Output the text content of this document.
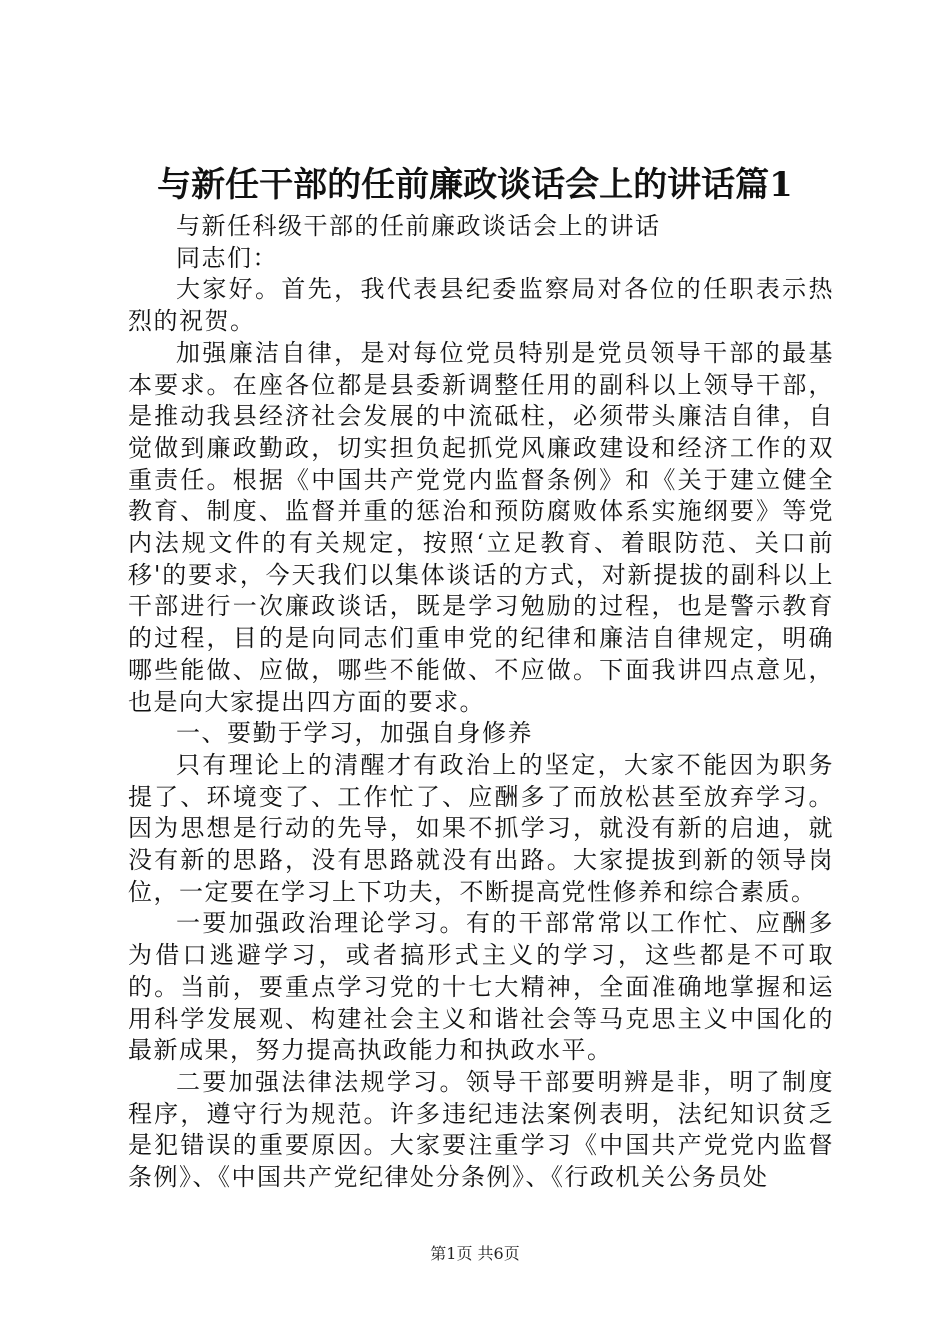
与新任干部的任前廉政谈话会上的讲话篇1

与新任科级干部的任前廉政谈话会上的讲话

同志们：

大家好。首先，我代表县纪委监察局对各位的任职表示热烈的祝贺。

加强廉洁自律，是对每位党员特别是党员领导干部的最基本要求。在座各位都是县委新调整任用的副科以上领导干部，是推动我县经济社会发展的中流砥柱，必须带头廉洁自律，自觉做到廉政勤政，切实担负起抓党风廉政建设和经济工作的双重责任。根据《中国共产党党内监督条例》和《关于建立健全教育、制度、监督并重的惩治和预防腐败体系实施纲要》等党内法规文件的有关规定，按照‘立足教育、着眼防范、关口前移'的要求，今天我们以集体谈话的方式，对新提拔的副科以上干部进行一次廉政谈话，既是学习勉励的过程，也是警示教育的过程，目的是向同志们重申党的纪律和廉洁自律规定，明确哪些能做、应做，哪些不能做、不应做。下面我讲四点意见，也是向大家提出四方面的要求。

一、要勤于学习，加强自身修养

只有理论上的清醒才有政治上的坚定，大家不能因为职务提了、环境变了、工作忙了、应酬多了而放松甚至放弃学习。因为思想是行动的先导，如果不抓学习，就没有新的启迪，就没有新的思路，没有思路就没有出路。大家提拔到新的领导岗位，一定要在学习上下功夫，不断提高党性修养和综合素质。

一要加强政治理论学习。有的干部常常以工作忙、应酬多为借口逃避学习，或者搞形式主义的学习，这些都是不可取的。当前，要重点学习党的十七大精神，全面准确地掌握和运用科学发展观、构建社会主义和谐社会等马克思主义中国化的最新成果，努力提高执政能力和执政水平。

二要加强法律法规学习。领导干部要明辨是非，明了制度程序，遵守行为规范。许多违纪违法案例表明，法纪知识贫乏是犯错误的重要原因。大家要注重学习《中国共产党党内监督条例》、《中国共产党纪律处分条例》、《行政机关公务员处

第1页 共6页
